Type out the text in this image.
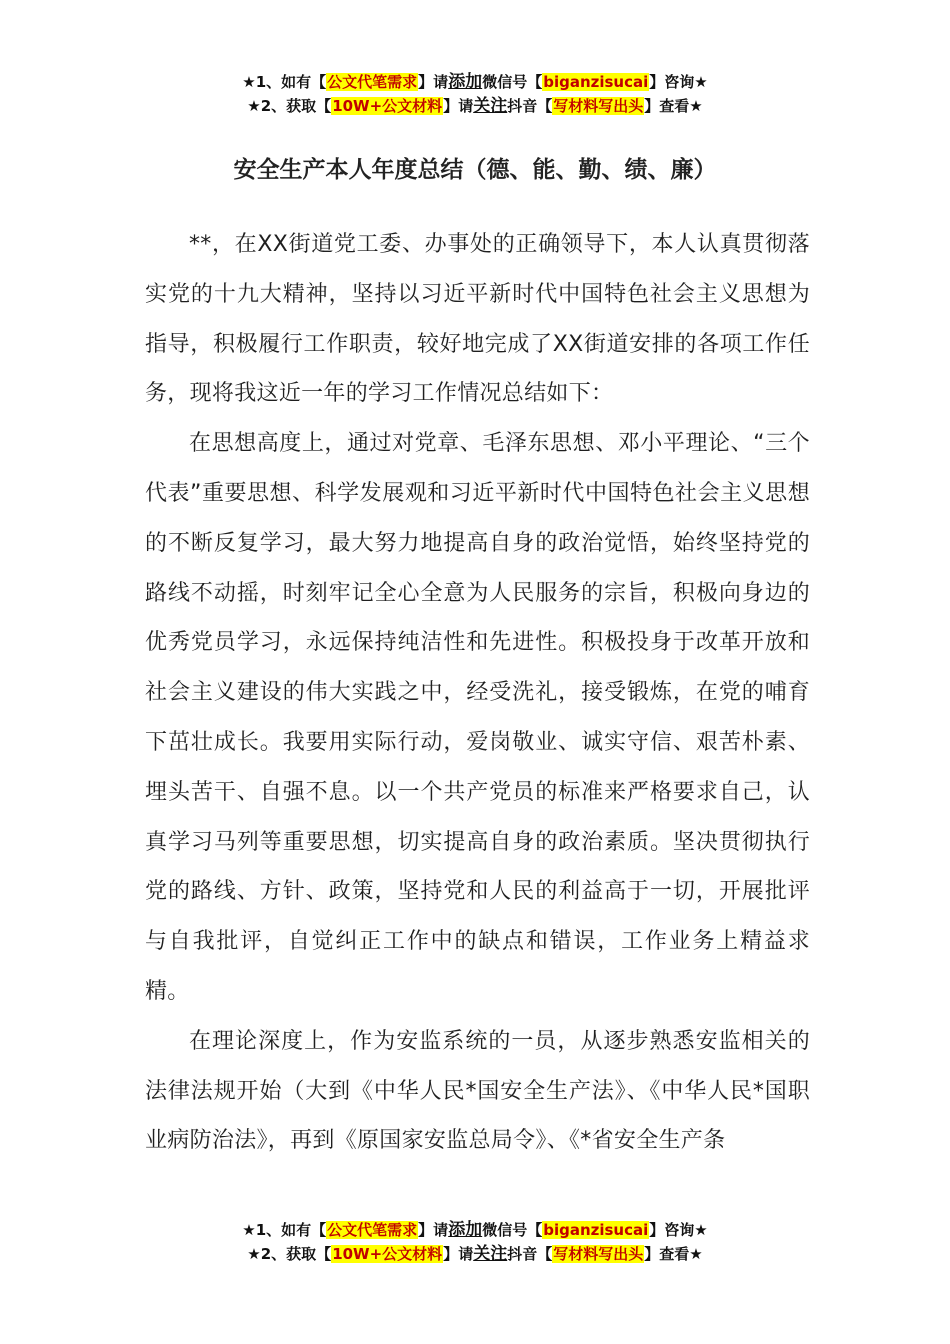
★1、如有【公文代笔需求】请添加微信号【biganzisucai】咨询★
★2、获取【10W+公文材料】请关注抖音【写材料写出头】查看★
安全生产本人年度总结（德、能、勤、绩、廉）

**，在XX街道党工委、办事处的正确领导下，本人认真贯彻落实党的十九大精神，坚持以习近平新时代中国特色社会主义思想为指导，积极履行工作职责，较好地完成了XX街道安排的各项工作任务，现将我这近一年的学习工作情况总结如下：

在思想高度上，通过对党章、毛泽东思想、邓小平理论、“三个代表”重要思想、科学发展观和习近平新时代中国特色社会主义思想的不断反复学习，最大努力地提高自身的政治觉悟，始终坚持党的路线不动摇，时刻牢记全心全意为人民服务的宗旨，积极向身边的优秀党员学习，永远保持纯洁性和先进性。积极投身于改革开放和社会主义建设的伟大实践之中，经受洗礼，接受锻炼，在党的哺育下茁壮成长。我要用实际行动，爱岗敬业、诚实守信、艰苦朴素、埋头苦干、自强不息。以一个共产党员的标准来严格要求自己，认真学习马列等重要思想，切实提高自身的政治素质。坚决贯彻执行党的路线、方针、政策，坚持党和人民的利益高于一切，开展批评与自我批评，自觉纠正工作中的缺点和错误，工作业务上精益求精。

在理论深度上，作为安监系统的一员，从逐步熟悉安监相关的法律法规开始（大到《中华人民*国安全生产法》、《中华人民*国职业病防治法》，再到《原国家安监总局令》、《*省安全生产条

★1、如有【公文代笔需求】请添加微信号【biganzisucai】咨询★
★2、获取【10W+公文材料】请关注抖音【写材料写出头】查看★
